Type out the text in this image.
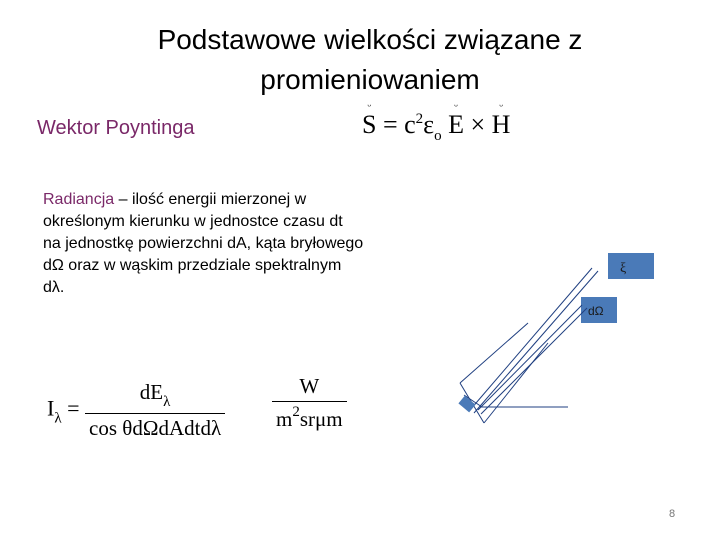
Podstawowe wielkości związane z
promieniowaniem
Wektor Poyntinga
ᵕ
$S = c^2\varepsilon_o$
ᵕ
E ×
ᵕ
H
Radiancja – ilość energii mierzonej w
określonym kierunku w jednostce czasu dt
na jednostkę powierzchni dA, kąta bryłowego
dΩ oraz w wąskim przedziale spektralnym
dλ.
$I_\lambda = \frac{dE_\lambda}{\text{cos θdΩdAdtdλ}} \frac{W}{m^2sr\mu m}$
ξ
dΩ
8
